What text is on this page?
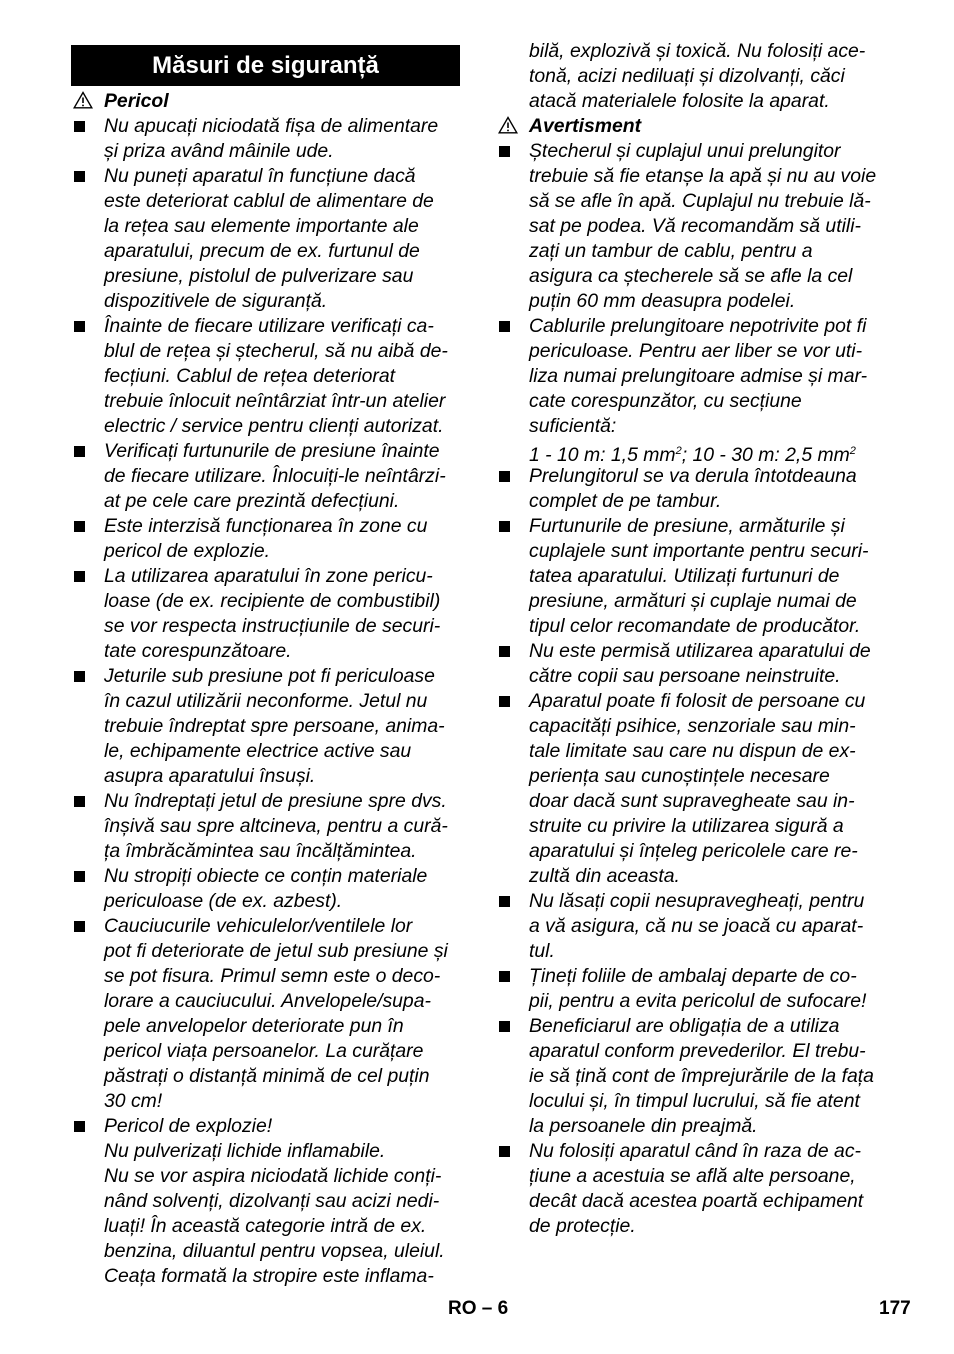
Măsuri de siguranță
Pericol
Nu apucați niciodată fișa de alimentare
și priza având mâinile ude.
Nu puneți aparatul în funcțiune dacă
este deteriorat cablul de alimentare de
la rețea sau elemente importante ale
aparatului, precum de ex. furtunul de
presiune, pistolul de pulverizare sau
dispozitivele de siguranță.
Înainte de fiecare utilizare verificați ca-
blul de rețea și ștecherul, să nu aibă de-
fecțiuni. Cablul de rețea deteriorat
trebuie înlocuit neîntârziat într-un atelier
electric / service pentru clienți autorizat.
Verificați furtunurile de presiune înainte
de fiecare utilizare. Înlocuiți-le neîntârzi-
at pe cele care prezintă defecțiuni.
Este interzisă funcționarea în zone cu
pericol de explozie.
La utilizarea aparatului în zone pericu-
loase (de ex. recipiente de combustibil)
se vor respecta instrucțiunile de securi-
tate corespunzătoare.
Jeturile sub presiune pot fi periculoase
în cazul utilizării neconforme. Jetul nu
trebuie îndreptat spre persoane, anima-
le, echipamente electrice active sau
asupra aparatului însuși.
Nu îndreptați jetul de presiune spre dvs.
înșivă sau spre altcineva, pentru a cură-
ța îmbrăcămintea sau încălțămintea.
Nu stropiți obiecte ce conțin materiale
periculoase (de ex. azbest).
Cauciucurile vehiculelor/ventilele lor
pot fi deteriorate de jetul sub presiune și
se pot fisura. Primul semn este o deco-
lorare a cauciucului. Anvelopele/supa-
pele anvelopelor deteriorate pun în
pericol viața persoanelor. La curățare
păstrați o distanță minimă de cel puțin
30 cm!
Pericol de explozie!
Nu pulverizați lichide inflamabile.
Nu se vor aspira niciodată lichide conți-
nând solvenți, dizolvanți sau acizi nedi-
luați! În această categorie intră de ex.
benzina, diluantul pentru vopsea, uleiul.
Ceața formată la stropire este inflama-
bilă, explozivă și toxică. Nu folosiți ace-
tonă, acizi nediluați și dizolvanți, căci
atacă materialele folosite la aparat.
Avertisment
Ștecherul și cuplajul unui prelungitor
trebuie să fie etanșe la apă și nu au voie
să se afle în apă. Cuplajul nu trebuie lă-
sat pe podea. Vă recomandăm să utili-
zați un tambur de cablu, pentru a
asigura ca ștecherele să se afle la cel
puțin 60 mm deasupra podelei.
Cablurile prelungitoare nepotrivite pot fi
periculoase. Pentru aer liber se vor uti-
liza numai prelungitoare admise și mar-
cate corespunzător, cu secțiune
suficientă:
1 - 10 m: 1,5 $mm^2$; 10 - 30 m: 2,5 $mm^2$
Prelungitorul se va derula întotdeauna
complet de pe tambur.
Furtunurile de presiune, armăturile și
cuplajele sunt importante pentru securi-
tatea aparatului. Utilizați furtunuri de
presiune, armături și cuplaje numai de
tipul celor recomandate de producător.
Nu este permisă utilizarea aparatului de
către copii sau persoane neinstruite.
Aparatul poate fi folosit de persoane cu
capacități psihice, senzoriale sau min-
tale limitate sau care nu dispun de ex-
periența sau cunoștințele necesare
doar dacă sunt supravegheate sau in-
struite cu privire la utilizarea sigură a
aparatului și înțeleg pericolele care re-
zultă din aceasta.
Nu lăsați copii nesupravegheați, pentru
a vă asigura, că nu se joacă cu aparat-
tul.
Țineți foliile de ambalaj departe de co-
pii, pentru a evita pericolul de sufocare!
Beneficiarul are obligația de a utiliza
aparatul conform prevederilor. El trebu-
ie să țină cont de împrejurările de la fața
locului și, în timpul lucrului, să fie atent
la persoanele din preajmă.
Nu folosiți aparatul când în raza de ac-
țiune a acestuia se află alte persoane,
decât dacă acestea poartă echipament
de protecție.
RO – 6	177
